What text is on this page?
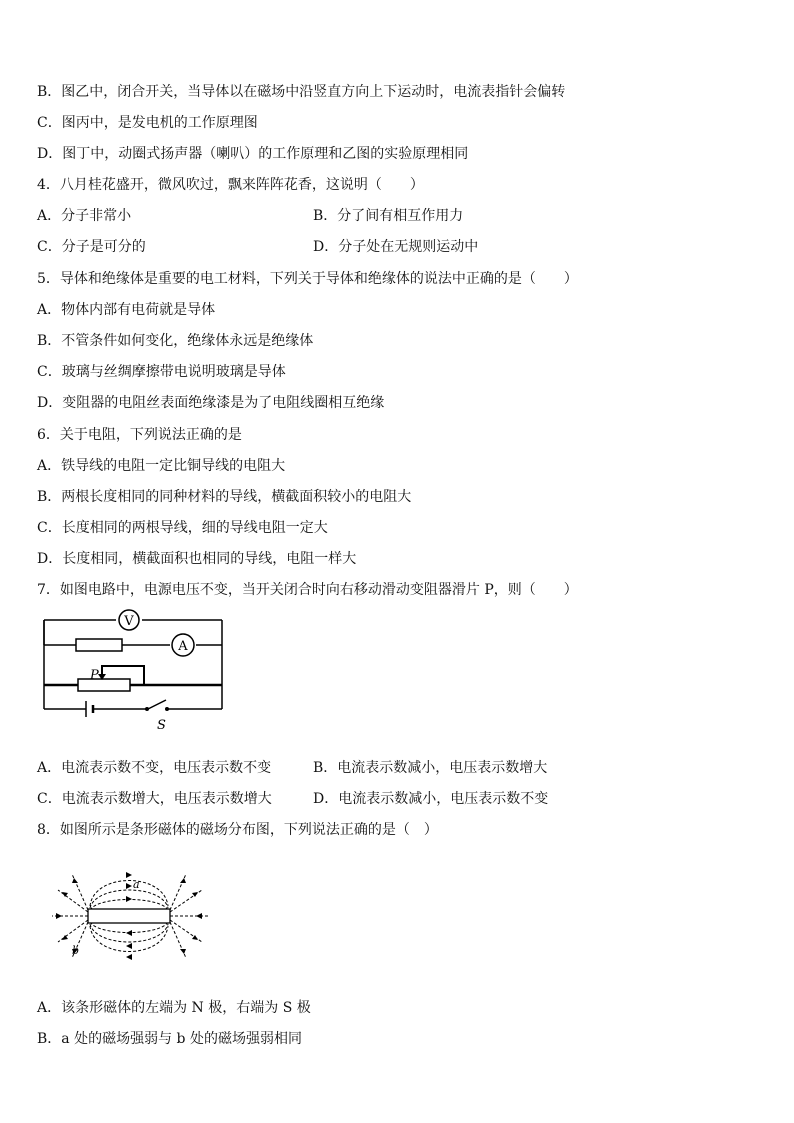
B．图乙中，闭合开关，当导体以在磁场中沿竖直方向上下运动时，电流表指针会偏转
C．图丙中，是发电机的工作原理图
D．图丁中，动圈式扬声器（喇叭）的工作原理和乙图的实验原理相同
4．八月桂花盛开，微风吹过，飘来阵阵花香，这说明（　　）
A．分子非常小	B．分了间有相互作用力
C．分子是可分的	D．分子处在无规则运动中
5．导体和绝缘体是重要的电工材料，下列关于导体和绝缘体的说法中正确的是（　　）
A．物体内部有电荷就是导体
B．不管条件如何变化，绝缘体永远是绝缘体
C．玻璃与丝绸摩擦带电说明玻璃是导体
D．变阻器的电阻丝表面绝缘漆是为了电阻线圈相互绝缘
6．关于电阻，下列说法正确的是
A．铁导线的电阻一定比铜导线的电阻大
B．两根长度相同的同种材料的导线，横截面积较小的电阻大
C．长度相同的两根导线，细的导线电阻一定大
D．长度相同，横截面积也相同的导线，电阻一样大
7．如图电路中，电源电压不变，当开关闭合时向右移动滑动变阻器滑片 P，则（　　）
V
A
P
S
A．电流表示数不变，电压表示数不变	B．电流表示数减小，电压表示数增大
C．电流表示数增大，电压表示数增大	D．电流表示数减小，电压表示数不变
8．如图所示是条形磁体的磁场分布图，下列说法正确的是（　）
a
b
A．该条形磁体的左端为 N 极，右端为 S 极
B．a 处的磁场强弱与 b 处的磁场强弱相同
